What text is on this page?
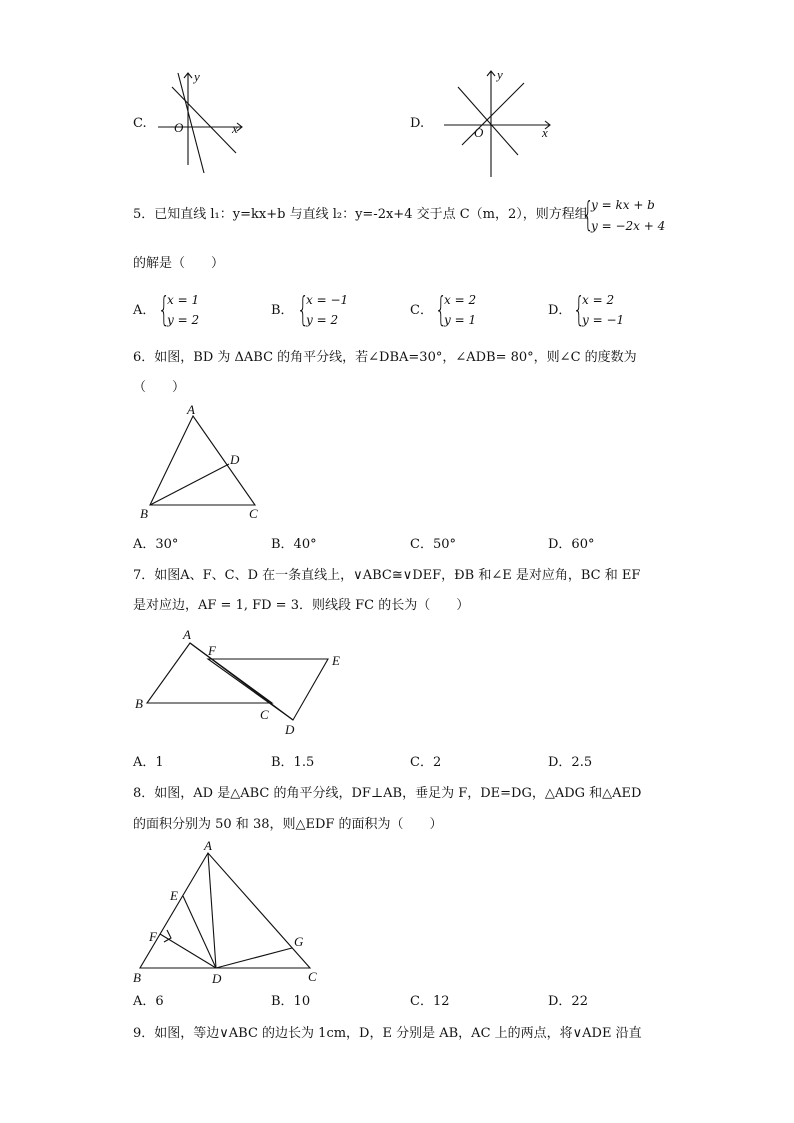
C.
y
x
O	D.
y
x
O
5．已知直线 l₁：y=kx+b 与直线 l₂：y=-2x+4 交于点 C（m，2），则方程组
{
y = kx + b
y = −2x + 4
的解是（　　）
A． {
x = 1
y = 2
B． {
x = −1
y = 2
C． {
x = 2
y = 1
D． {
x = 2
y = −1
6．如图，BD 为 ΔABC 的角平分线，若∠DBA=30°，∠ADB= 80°，则∠C 的度数为
（　　）
A
B	C
D
A．30°	B．40°	C．50°	D．60°
7．如图A、F、C、D 在一条直线上，∨ABC≅∨DEF，ÐB 和∠E 是对应角，BC 和 EF
是对应边，AF = 1, FD = 3．则线段 FC 的长为（　　）
A
B
C
D
E
F
A．1	B．1.5	C．2	D．2.5
8．如图，AD 是△ABC 的角平分线，DF⊥AB，垂足为 F，DE=DG，△ADG 和△AED
的面积分别为 50 和 38，则△EDF 的面积为（　　）
A
B	C
D
E
F	G
A．6	B．10	C．12	D．22
9．如图，等边∨ABC 的边长为 1cm，D，E 分别是 AB，AC 上的两点，将∨ADE 沿直
